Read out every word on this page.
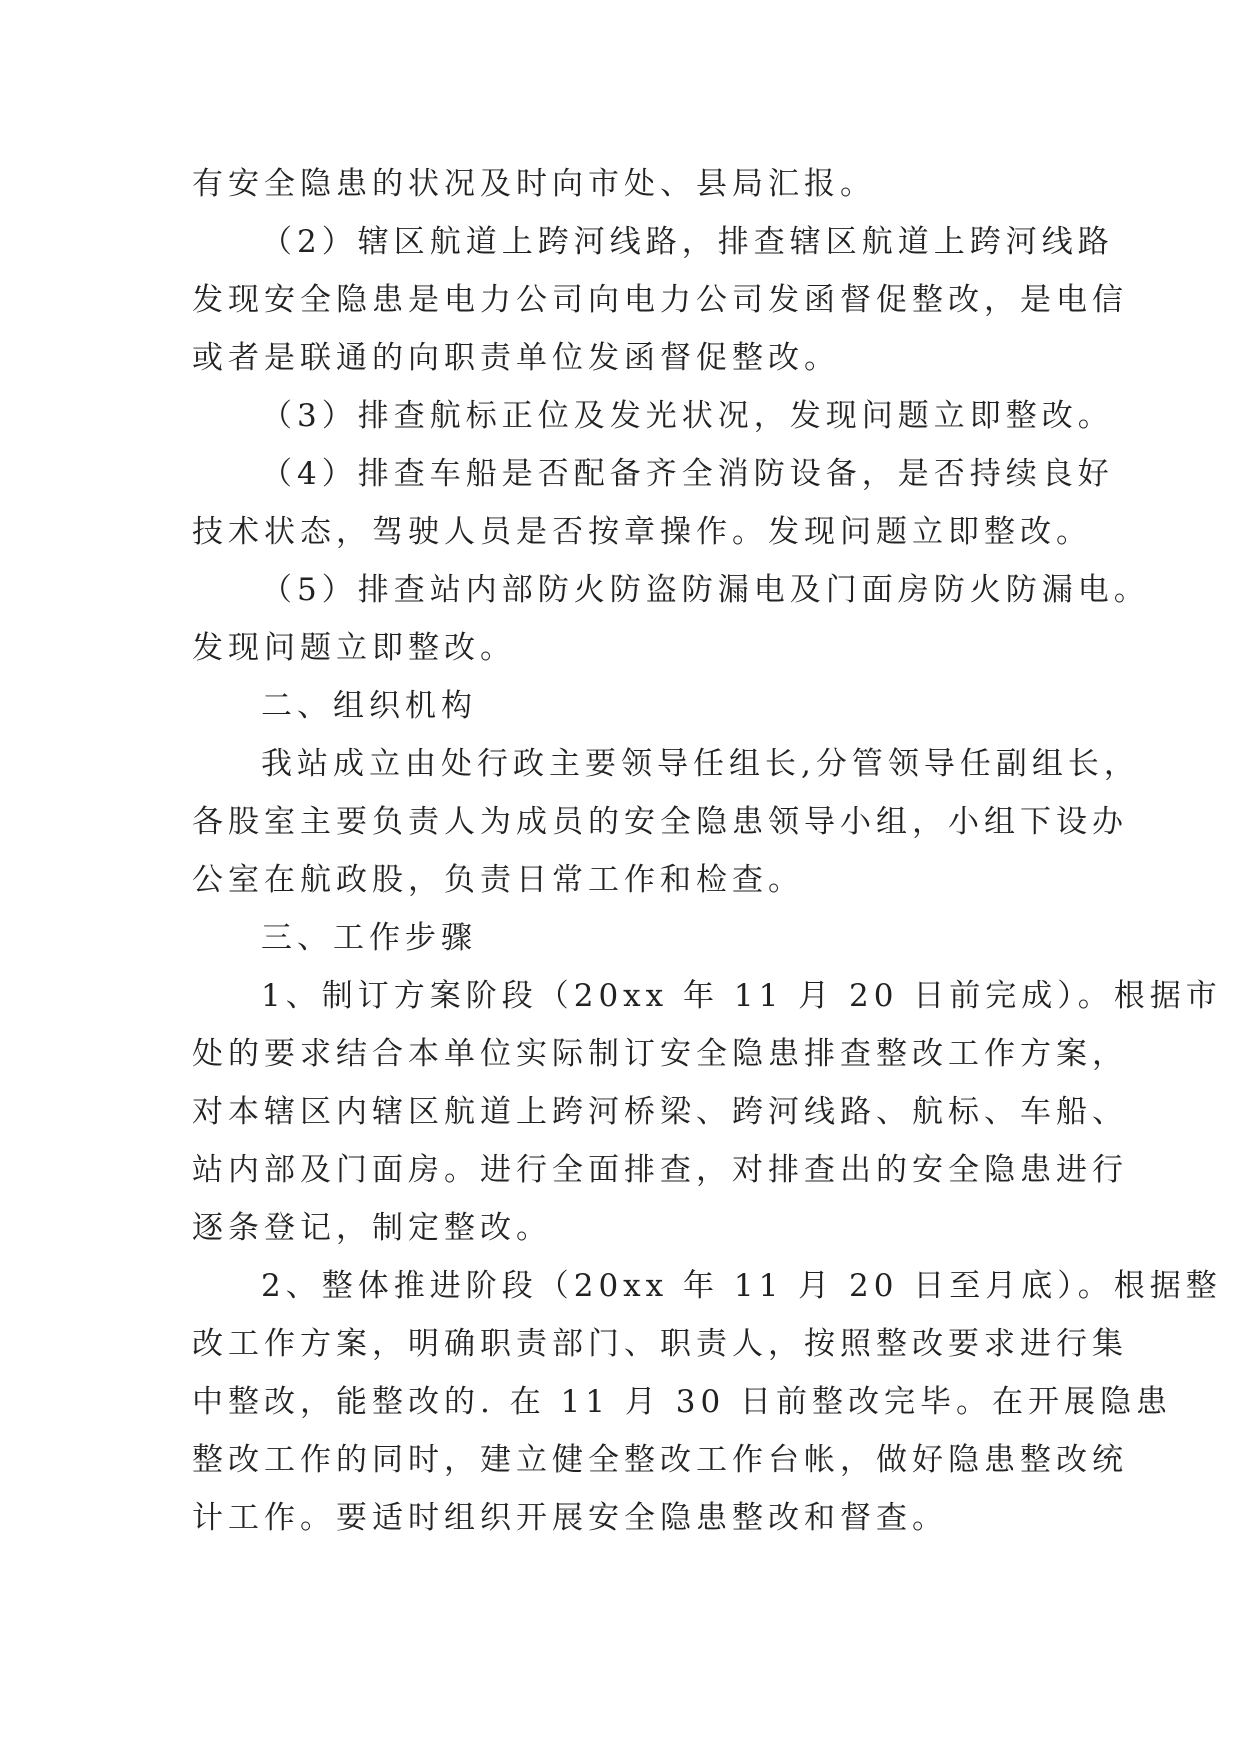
有安全隐患的状况及时向市处、县局汇报。
（2）辖区航道上跨河线路，排查辖区航道上跨河线路
发现安全隐患是电力公司向电力公司发函督促整改，是电信
或者是联通的向职责单位发函督促整改。
（3）排查航标正位及发光状况，发现问题立即整改。
（4）排查车船是否配备齐全消防设备，是否持续良好
技术状态，驾驶人员是否按章操作。发现问题立即整改。
（5）排查站内部防火防盗防漏电及门面房防火防漏电。
发现问题立即整改。
二、组织机构
我站成立由处行政主要领导任组长,分管领导任副组长，
各股室主要负责人为成员的安全隐患领导小组，小组下设办
公室在航政股，负责日常工作和检查。
三、工作步骤
1、制订方案阶段（20xx 年 11 月 20 日前完成）。根据市
处的要求结合本单位实际制订安全隐患排查整改工作方案，
对本辖区内辖区航道上跨河桥梁、跨河线路、航标、车船、
站内部及门面房。进行全面排查，对排查出的安全隐患进行
逐条登记，制定整改。
2、整体推进阶段（20xx 年 11 月 20 日至月底）。根据整
改工作方案，明确职责部门、职责人，按照整改要求进行集
中整改，能整改的. 在 11 月 30 日前整改完毕。在开展隐患
整改工作的同时，建立健全整改工作台帐，做好隐患整改统
计工作。要适时组织开展安全隐患整改和督查。
